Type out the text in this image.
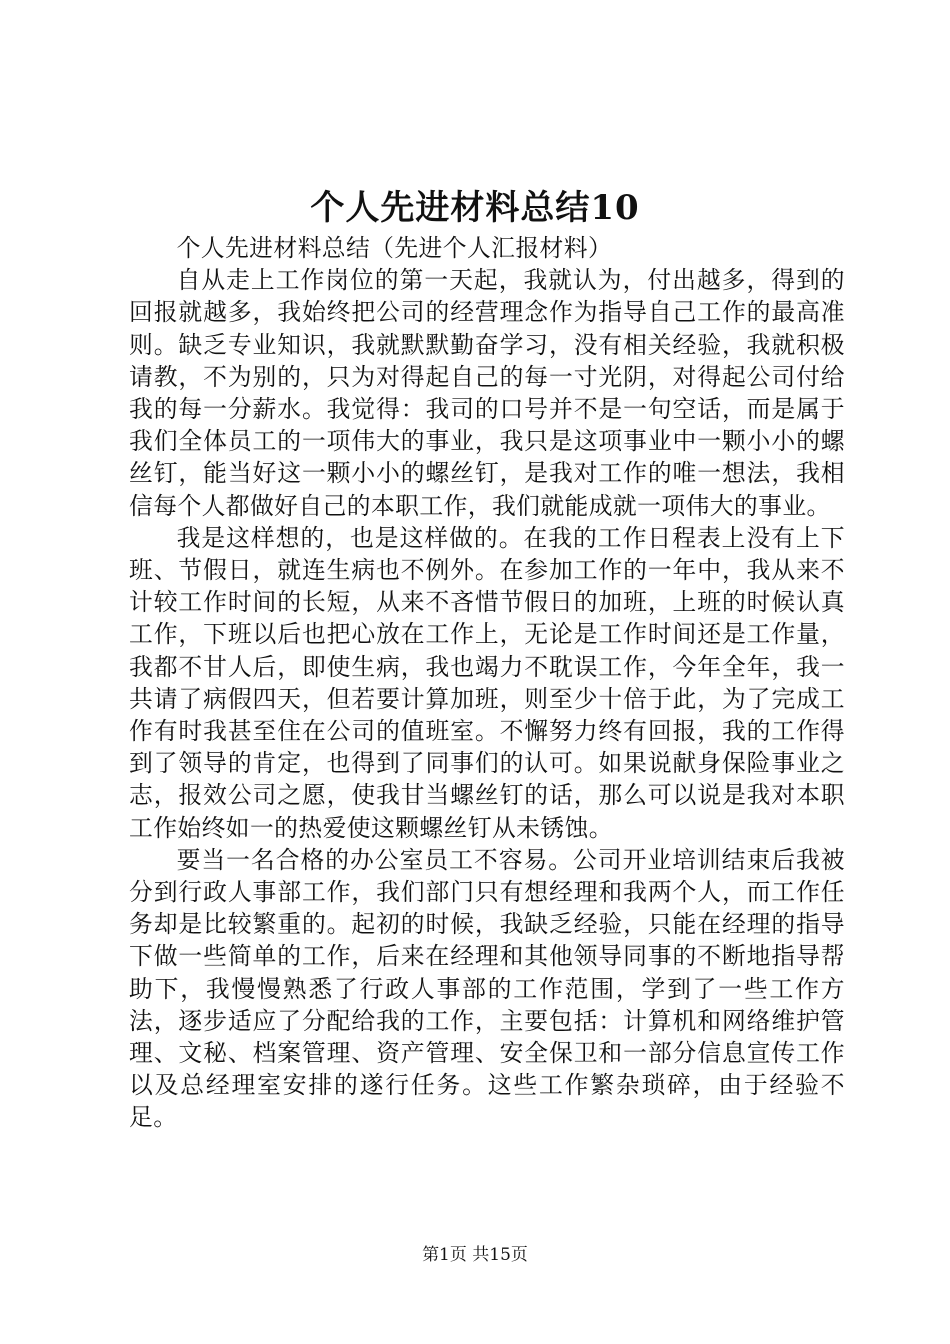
个人先进材料总结10

个人先进材料总结（先进个人汇报材料）

自从走上工作岗位的第一天起，我就认为，付出越多，得到的回报就越多，我始终把公司的经营理念作为指导自己工作的最高准则。缺乏专业知识，我就默默勤奋学习，没有相关经验，我就积极请教，不为别的，只为对得起自己的每一寸光阴，对得起公司付给我的每一分薪水。我觉得：我司的口号并不是一句空话，而是属于我们全体员工的一项伟大的事业，我只是这项事业中一颗小小的螺丝钉，能当好这一颗小小的螺丝钉，是我对工作的唯一想法，我相信每个人都做好自己的本职工作，我们就能成就一项伟大的事业。

我是这样想的，也是这样做的。在我的工作日程表上没有上下班、节假日，就连生病也不例外。在参加工作的一年中，我从来不计较工作时间的长短，从来不吝惜节假日的加班，上班的时候认真工作，下班以后也把心放在工作上，无论是工作时间还是工作量，我都不甘人后，即使生病，我也竭力不耽误工作，今年全年，我一共请了病假四天，但若要计算加班，则至少十倍于此，为了完成工作有时我甚至住在公司的值班室。不懈努力终有回报，我的工作得到了领导的肯定，也得到了同事们的认可。如果说献身保险事业之志，报效公司之愿，使我甘当螺丝钉的话，那么可以说是我对本职工作始终如一的热爱使这颗螺丝钉从未锈蚀。

要当一名合格的办公室员工不容易。公司开业培训结束后我被分到行政人事部工作，我们部门只有想经理和我两个人，而工作任务却是比较繁重的。起初的时候，我缺乏经验，只能在经理的指导下做一些简单的工作，后来在经理和其他领导同事的不断地指导帮助下，我慢慢熟悉了行政人事部的工作范围，学到了一些工作方法，逐步适应了分配给我的工作，主要包括：计算机和网络维护管理、文秘、档案管理、资产管理、安全保卫和一部分信息宣传工作以及总经理室安排的遂行任务。这些工作繁杂琐碎，由于经验不足。

第1页 共15页
